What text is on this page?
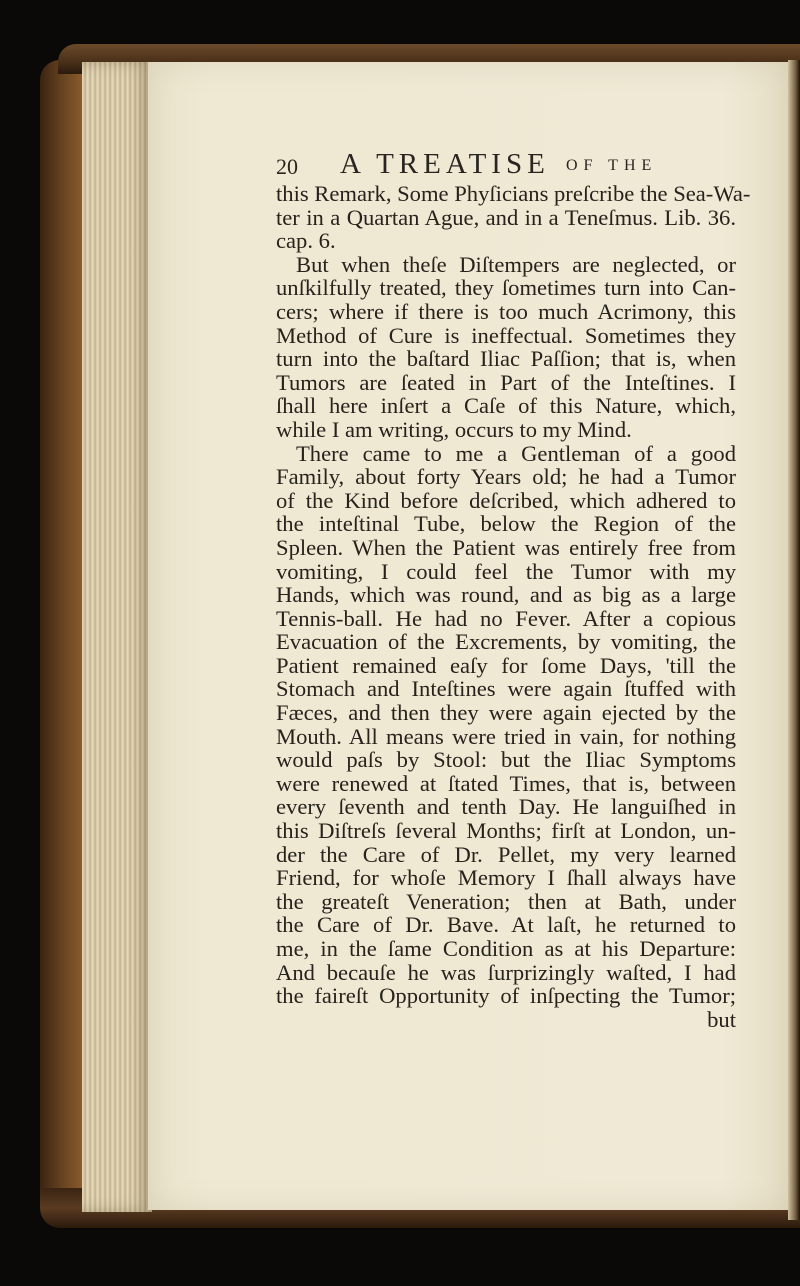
20 A TREATISE OF THE
this Remark, Some Phyſicians preſcribe the Sea-Wa-
ter in a Quartan Ague, and in a Teneſmus. Lib. 36.
cap. 6.
But when theſe Diſtempers are neglected, or
unſkilfully treated, they ſometimes turn into Can-
cers; where if there is too much Acrimony, this
Method of Cure is ineffectual. Sometimes they
turn into the baſtard Iliac Paſſion; that is, when
Tumors are ſeated in Part of the Inteſtines. I
ſhall here inſert a Caſe of this Nature, which,
while I am writing, occurs to my Mind.
There came to me a Gentleman of a good
Family, about forty Years old; he had a Tumor
of the Kind before deſcribed, which adhered to
the inteſtinal Tube, below the Region of the
Spleen. When the Patient was entirely free from
vomiting, I could feel the Tumor with my
Hands, which was round, and as big as a large
Tennis-ball. He had no Fever. After a copious
Evacuation of the Excrements, by vomiting, the
Patient remained eaſy for ſome Days, 'till the
Stomach and Inteſtines were again ſtuffed with
Fæces, and then they were again ejected by the
Mouth. All means were tried in vain, for nothing
would paſs by Stool: but the Iliac Symptoms
were renewed at ſtated Times, that is, between
every ſeventh and tenth Day. He languiſhed in
this Diſtreſs ſeveral Months; firſt at London, un-
der the Care of Dr. Pellet, my very learned
Friend, for whoſe Memory I ſhall always have
the greateſt Veneration; then at Bath, under
the Care of Dr. Bave. At laſt, he returned to
me, in the ſame Condition as at his Departure:
And becauſe he was ſurprizingly waſted, I had
the faireſt Opportunity of inſpecting the Tumor;
but
